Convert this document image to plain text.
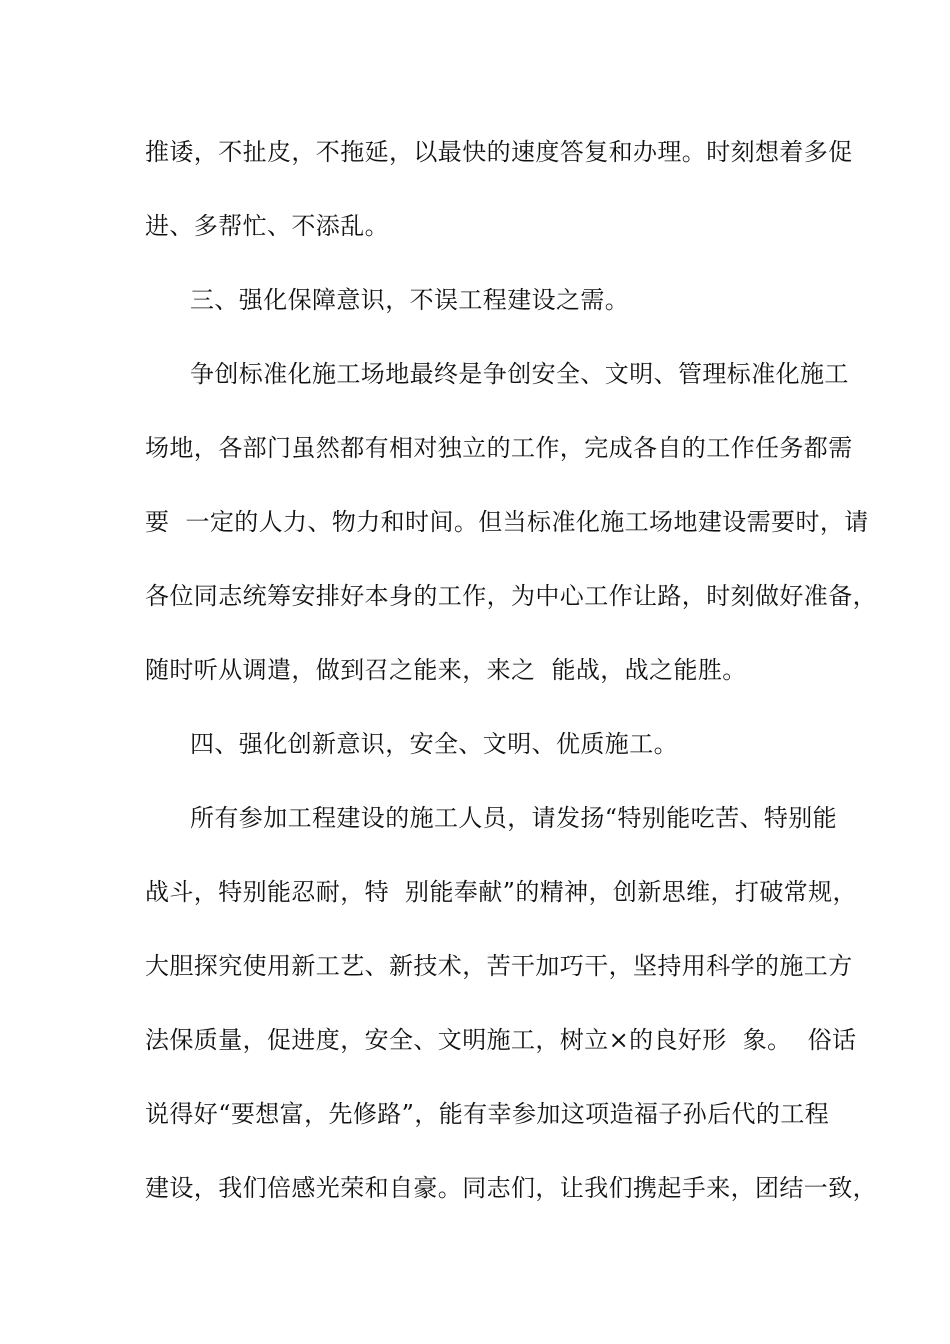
推诿，不扯皮，不拖延，以最快的速度答复和办理。时刻想着多促
进、多帮忙、不添乱。
三、强化保障意识，不误工程建设之需。
争创标准化施工场地最终是争创安全、文明、管理标准化施工
场地，各部门虽然都有相对独立的工作，完成各自的工作任务都需
要  一定的人力、物力和时间。但当标准化施工场地建设需要时，请
各位同志统筹安排好本身的工作，为中心工作让路，时刻做好准备，
随时听从调遣，做到召之能来，来之  能战，战之能胜。
四、强化创新意识，安全、文明、优质施工。
所有参加工程建设的施工人员，请发扬“特别能吃苦、特别能
战斗，特别能忍耐，特  别能奉献”的精神，创新思维，打破常规，
大胆探究使用新工艺、新技术，苦干加巧干，坚持用科学的施工方
法保质量，促进度，安全、文明施工，树立×的良好形  象。  俗话
说得好“要想富，先修路”，能有幸参加这项造福子孙后代的工程
建设，我们倍感光荣和自豪。同志们，让我们携起手来，团结一致，
